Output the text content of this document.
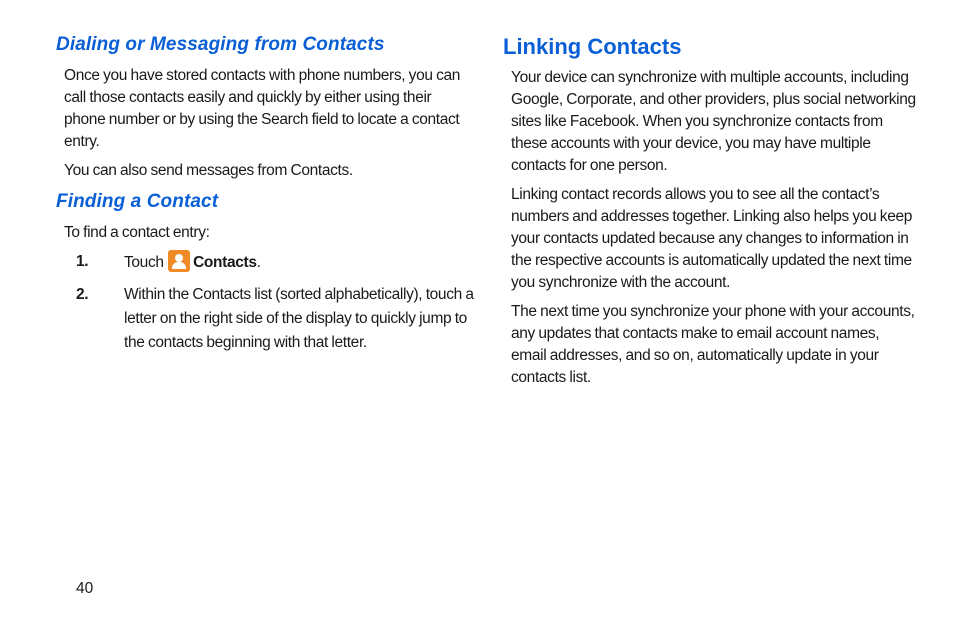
Dialing or Messaging from Contacts

Once you have stored contacts with phone numbers, you can call those contacts easily and quickly by either using their phone number or by using the Search field to locate a contact entry.

You can also send messages from Contacts.

Finding a Contact

To find a contact entry:

1. Touch Contacts.
2. Within the Contacts list (sorted alphabetically), touch a letter on the right side of the display to quickly jump to the contacts beginning with that letter.
Linking Contacts

Your device can synchronize with multiple accounts, including Google, Corporate, and other providers, plus social networking sites like Facebook. When you synchronize contacts from these accounts with your device, you may have multiple contacts for one person.

Linking contact records allows you to see all the contact’s numbers and addresses together. Linking also helps you keep your contacts updated because any changes to information in the respective accounts is automatically updated the next time you synchronize with the account.

The next time you synchronize your phone with your accounts, any updates that contacts make to email account names, email addresses, and so on, automatically update in your contacts list.

40
